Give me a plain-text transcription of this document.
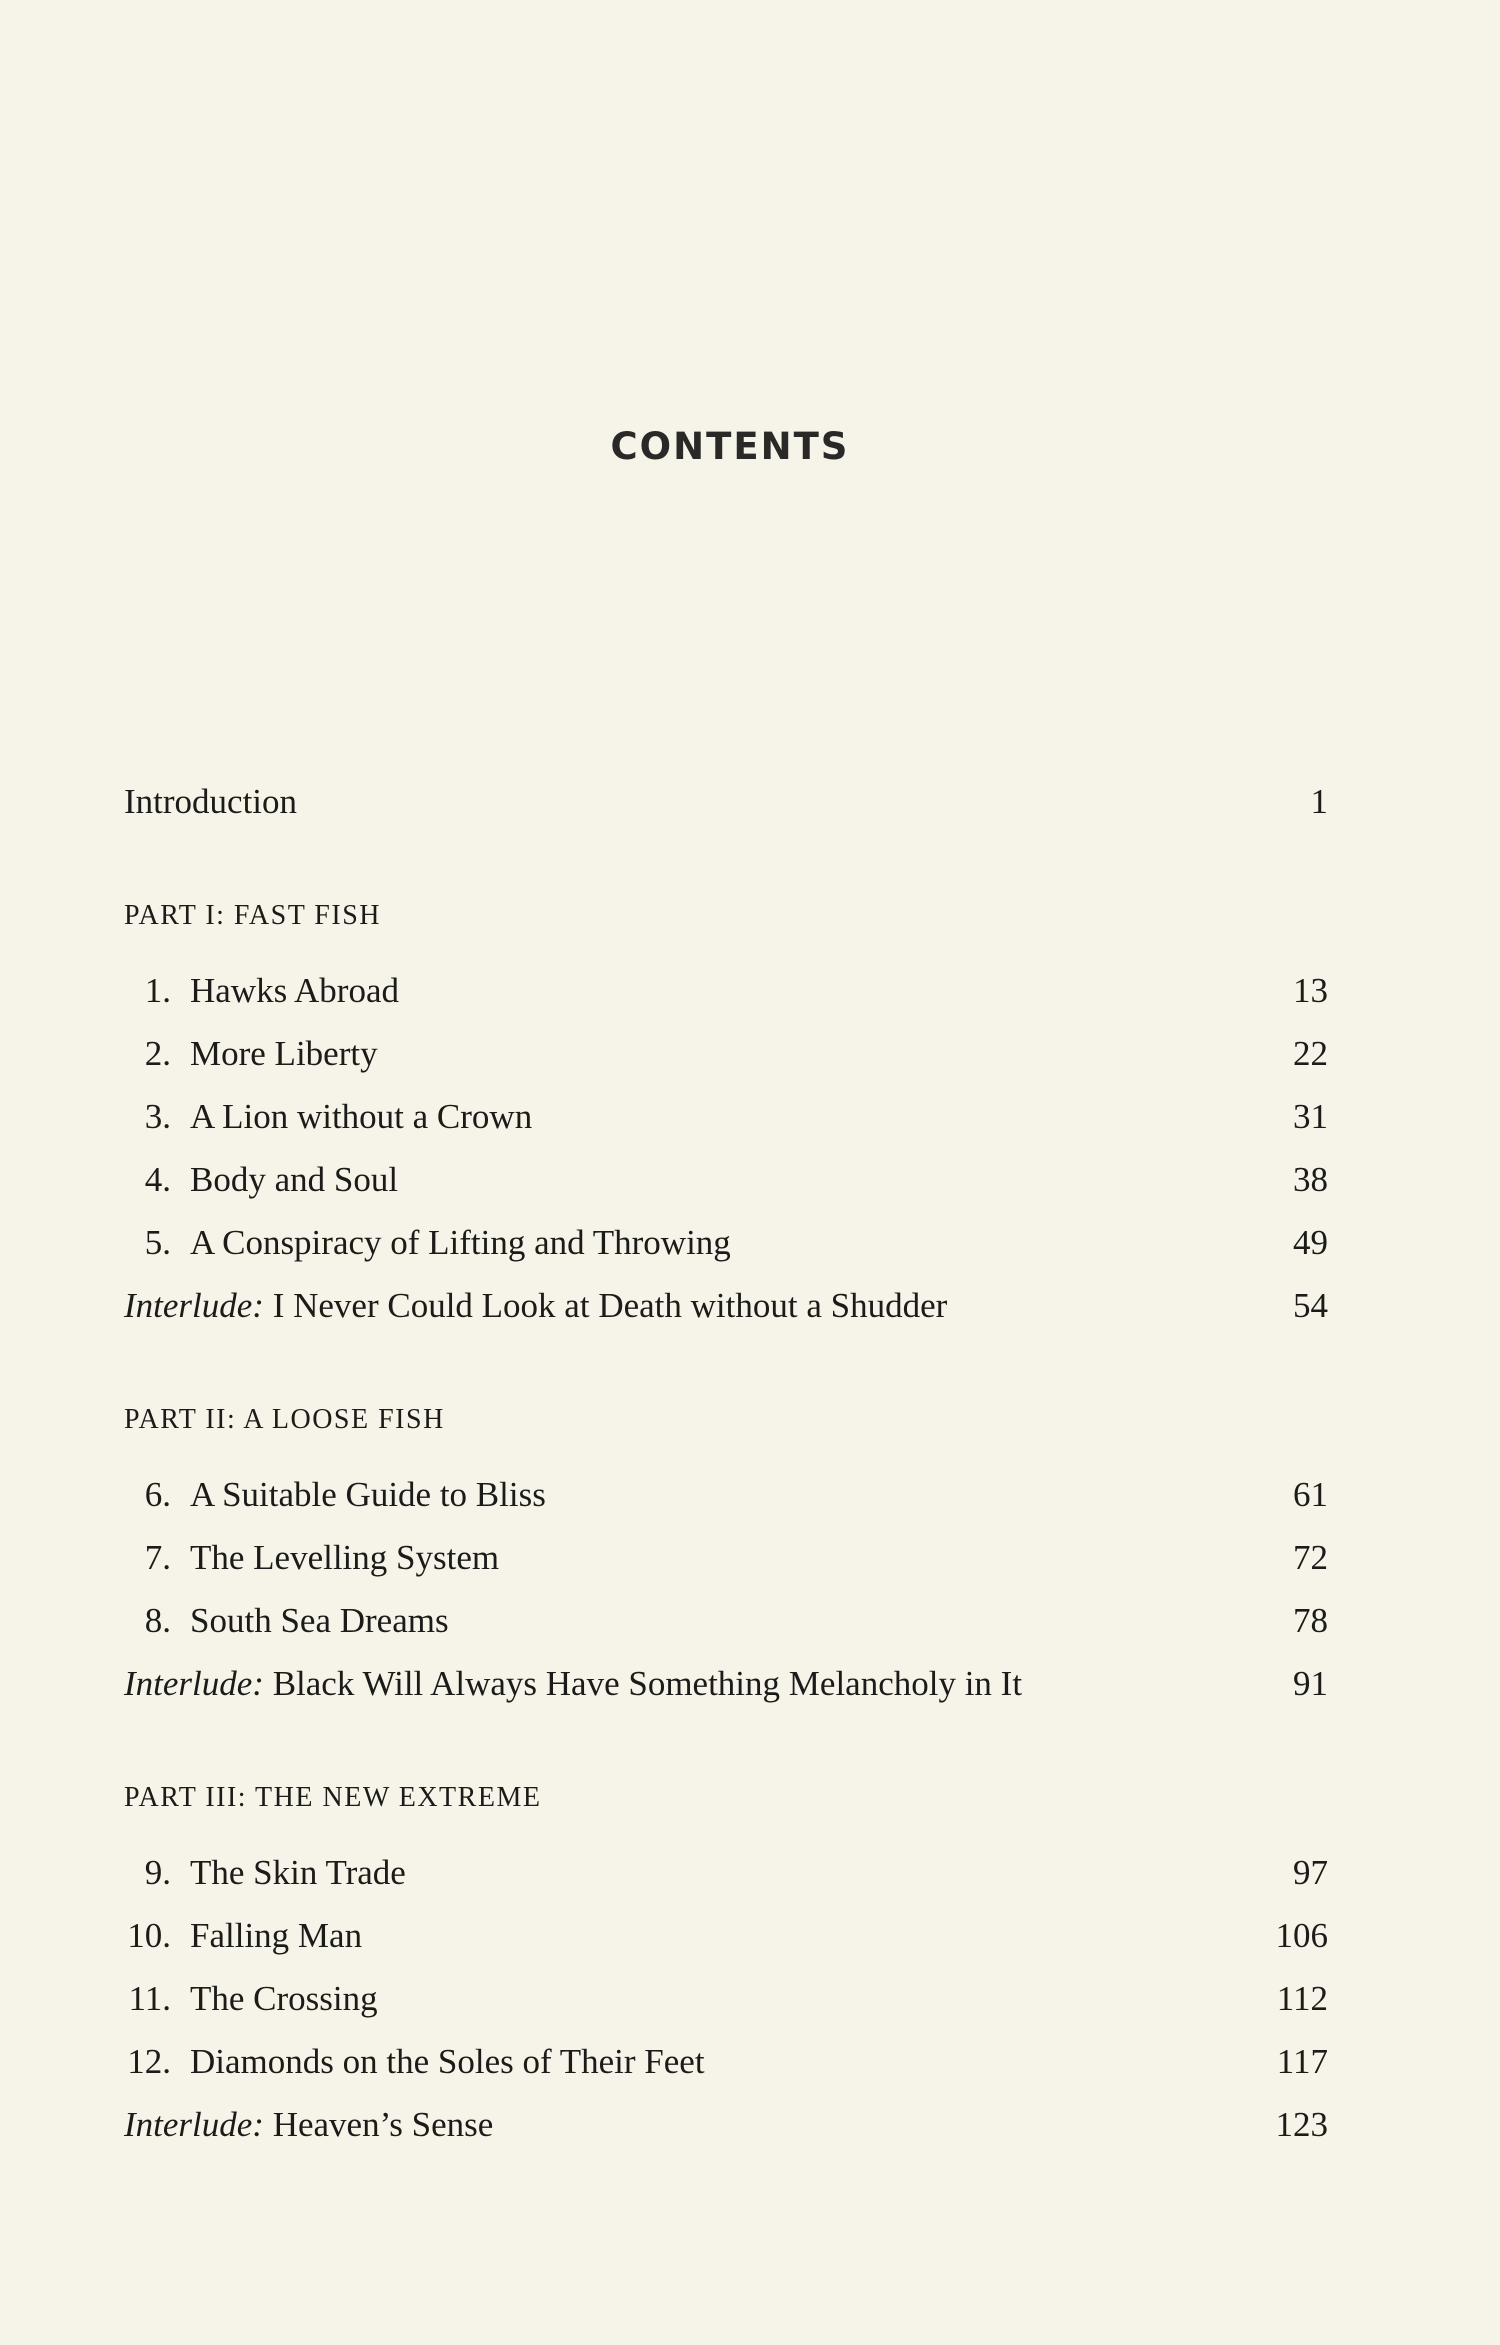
CONTENTS
Introduction	1
PART I: FAST FISH
1. Hawks Abroad	13
2. More Liberty	22
3. A Lion without a Crown	31
4. Body and Soul	38
5. A Conspiracy of Lifting and Throwing	49
Interlude: I Never Could Look at Death without a Shudder	54
PART II: A LOOSE FISH
6. A Suitable Guide to Bliss	61
7. The Levelling System	72
8. South Sea Dreams	78
Interlude: Black Will Always Have Something Melancholy in It	91
PART III: THE NEW EXTREME
9. The Skin Trade	97
10. Falling Man	106
11. The Crossing	112
12. Diamonds on the Soles of Their Feet	117
Interlude: Heaven’s Sense	123
